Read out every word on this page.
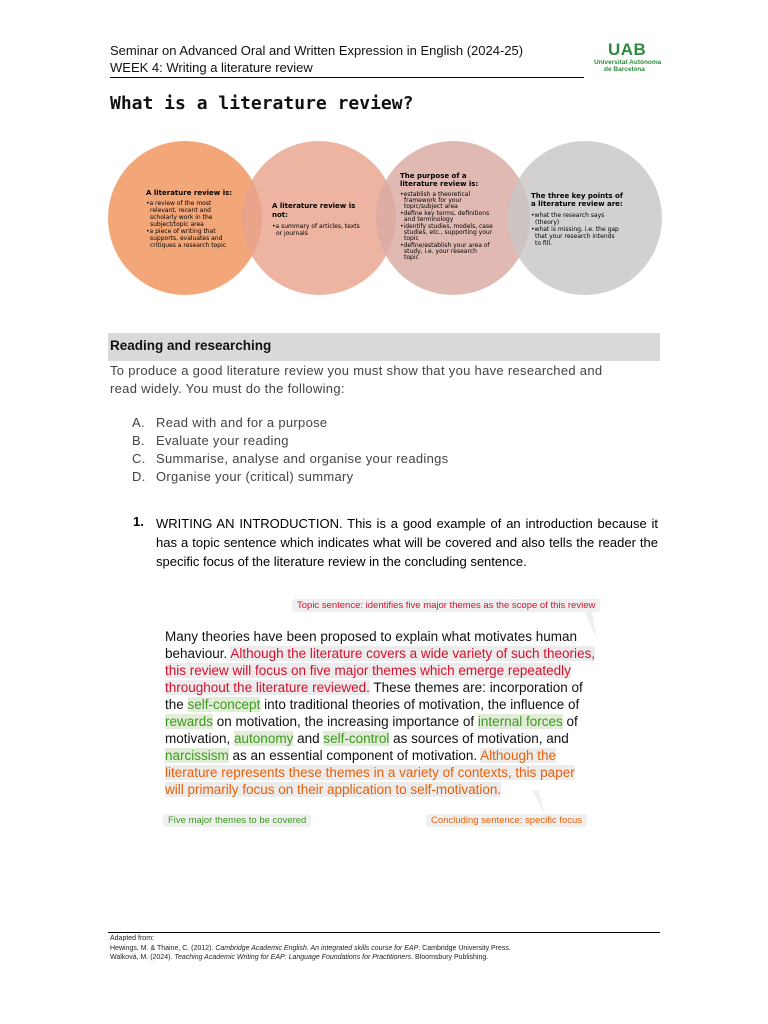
Seminar on Advanced Oral and Written Expression in English (2024-25)
WEEK 4: Writing a literature review
UAB
Universitat Autònoma
de Barcelona
What is a literature review?
A literature review is:
•a review of the most relevant, recent and scholarly work in the subject/topic area •a piece of writing that supports, evaluates and critiques a research topic
A literature review is not:
•a summary of articles, texts or journals
The purpose of a literature review is:
•establish a theoretical framework for your topic/subject area •define key terms, definitions and terminology •identify studies, models, case studies, etc., supporting your topic •define/establish your area of study, i.e. your research topic
The three key points of a literature review are:
•what the research says (theory) •what is missing, i.e. the gap that your research intends to fill.
Reading and researching
To produce a good literature review you must show that you have researched and
read widely. You must do the following:
A. Read with and for a purpose
B. Evaluate your reading
C. Summarise, analyse and organise your readings
D. Organise your (critical) summary
1. WRITING AN INTRODUCTION. This is a good example of an introduction because it has a topic sentence which indicates what will be covered and also tells the reader the specific focus of the literature review in the concluding sentence.
Topic sentence: identifies five major themes as the scope of this review
Many theories have been proposed to explain what motivates human behaviour. Although the literature covers a wide variety of such theories, this review will focus on five major themes which emerge repeatedly throughout the literature reviewed. These themes are: incorporation of the self-concept into traditional theories of motivation, the influence of rewards on motivation, the increasing importance of internal forces of motivation, autonomy and self-control as sources of motivation, and narcissism as an essential component of motivation. Although the literature represents these themes in a variety of contexts, this paper will primarily focus on their application to self-motivation.
Five major themes to be covered	Concluding sentence: specific focus
Adapted from:
Hewings, M. & Thaine, C. (2012). Cambridge Academic English. An integrated skills course for EAP. Cambridge University Press.
Walková, M. (2024). Teaching Academic Writing for EAP: Language Foundations for Practitioners. Bloomsbury Publishing.
